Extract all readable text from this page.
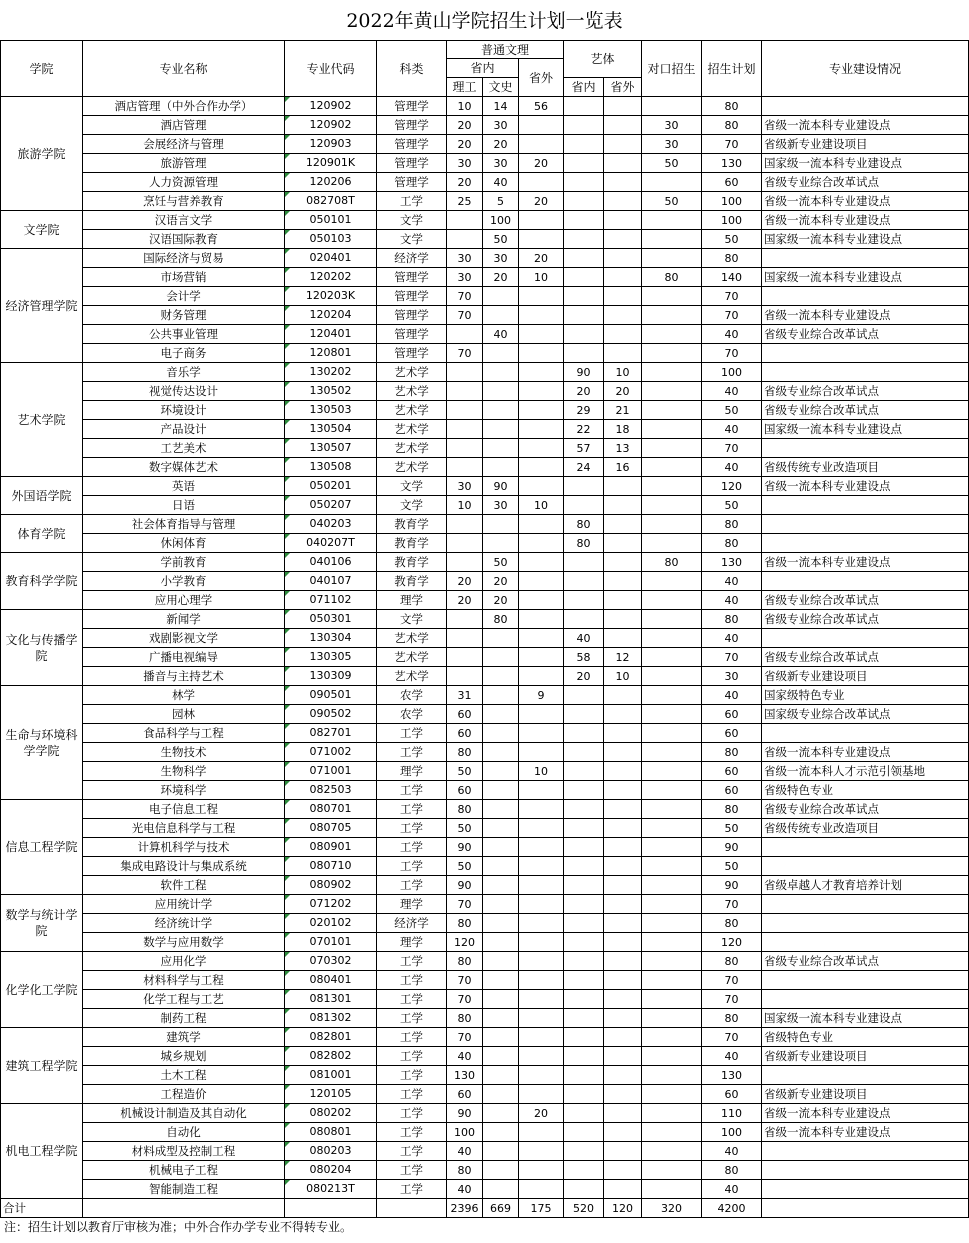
2022年黄山学院招生计划一览表
学院	专业名称	专业代码	科类	普通文理			艺体		对口招生	招生计划	专业建设情况
				省内		省外					
				理工	文史		省内	省外			
旅游学院	酒店管理（中外合作办学）	120902	管理学	10	14	56				80	
	酒店管理	120902	管理学	20	30				30	80	省级一流本科专业建设点
	会展经济与管理	120903	管理学	20	20				30	70	省级新专业建设项目
	旅游管理	120901K	管理学	30	30	20			50	130	国家级一流本科专业建设点
	人力资源管理	120206	管理学	20	40					60	省级专业综合改革试点
	烹饪与营养教育	082708T	工学	25	5	20			50	100	省级一流本科专业建设点
文学院	汉语言文学	050101	文学		100					100	省级一流本科专业建设点
	汉语国际教育	050103	文学		50					50	国家级一流本科专业建设点
经济管理学院	国际经济与贸易	020401	经济学	30	30	20				80	
	市场营销	120202	管理学	30	20	10			80	140	国家级一流本科专业建设点
	会计学	120203K	管理学	70						70	
	财务管理	120204	管理学	70						70	省级一流本科专业建设点
	公共事业管理	120401	管理学		40					40	省级专业综合改革试点
	电子商务	120801	管理学	70						70	
艺术学院	音乐学	130202	艺术学				90	10		100	
	视觉传达设计	130502	艺术学				20	20		40	省级专业综合改革试点
	环境设计	130503	艺术学				29	21		50	省级专业综合改革试点
	产品设计	130504	艺术学				22	18		40	国家级一流本科专业建设点
	工艺美术	130507	艺术学				57	13		70	
	数字媒体艺术	130508	艺术学				24	16		40	省级传统专业改造项目
外国语学院	英语	050201	文学	30	90					120	省级一流本科专业建设点
	日语	050207	文学	10	30	10				50	
体育学院	社会体育指导与管理	040203	教育学				80			80	
	休闲体育	040207T	教育学				80			80	
教育科学学院	学前教育	040106	教育学		50				80	130	省级一流本科专业建设点
	小学教育	040107	教育学	20	20					40	
	应用心理学	071102	理学	20	20					40	省级专业综合改革试点
文化与传播学院	新闻学	050301	文学		80					80	省级专业综合改革试点
	戏剧影视文学	130304	艺术学				40			40	
	广播电视编导	130305	艺术学				58	12		70	省级专业综合改革试点
	播音与主持艺术	130309	艺术学				20	10		30	省级新专业建设项目
生命与环境科学学院	林学	090501	农学	31		9				40	国家级特色专业
	园林	090502	农学	60						60	国家级专业综合改革试点
	食品科学与工程	082701	工学	60						60	
	生物技术	071002	工学	80						80	省级一流本科专业建设点
	生物科学	071001	理学	50		10				60	省级一流本科人才示范引领基地
	环境科学	082503	工学	60						60	省级特色专业
信息工程学院	电子信息工程	080701	工学	80						80	省级专业综合改革试点
	光电信息科学与工程	080705	工学	50						50	省级传统专业改造项目
	计算机科学与技术	080901	工学	90						90	
	集成电路设计与集成系统	080710	工学	50						50	
	软件工程	080902	工学	90						90	省级卓越人才教育培养计划
数学与统计学院	应用统计学	071202	理学	70						70	
	经济统计学	020102	经济学	80						80	
	数学与应用数学	070101	理学	120						120	
化学化工学院	应用化学	070302	工学	80						80	省级专业综合改革试点
	材料科学与工程	080401	工学	70						70	
	化学工程与工艺	081301	工学	70						70	
	制药工程	081302	工学	80						80	国家级一流本科专业建设点
建筑工程学院	建筑学	082801	工学	70						70	省级特色专业
	城乡规划	082802	工学	40						40	省级新专业建设项目
	土木工程	081001	工学	130						130	
	工程造价	120105	工学	60						60	省级新专业建设项目
机电工程学院	机械设计制造及其自动化	080202	工学	90		20				110	省级一流本科专业建设点
	自动化	080801	工学	100						100	省级一流本科专业建设点
	材料成型及控制工程	080203	工学	40						40	
	机械电子工程	080204	工学	80						80	
	智能制造工程	080213T	工学	40						40	
合计				2396	669	175	520	120	320	4200	
注：招生计划以教育厅审核为准；中外合作办学专业不得转专业。
